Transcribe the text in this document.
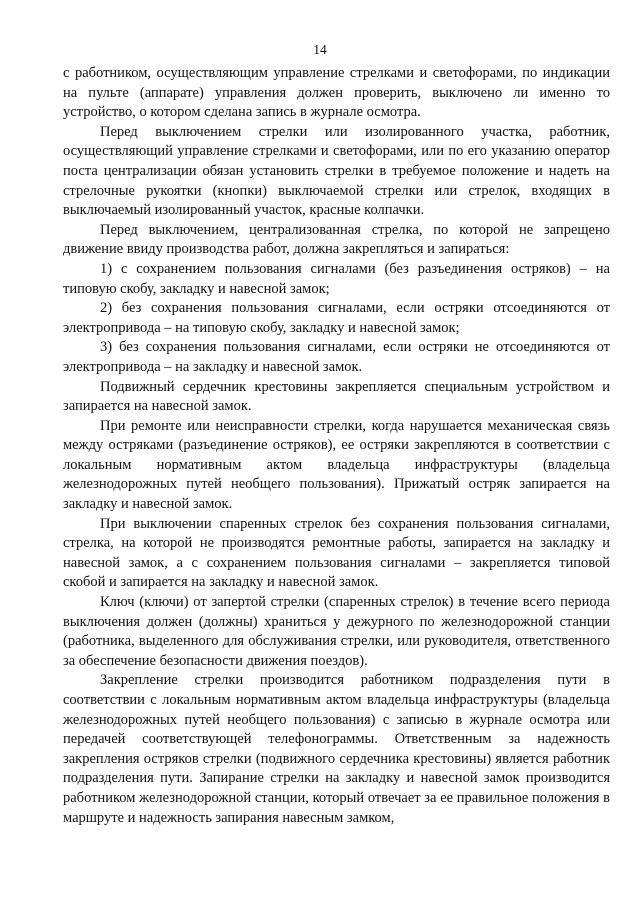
14

с работником, осуществляющим управление стрелками и светофорами, по индикации на пульте (аппарате) управления должен проверить, выключено ли именно то устройство, о котором сделана запись в журнале осмотра.

Перед выключением стрелки или изолированного участка, работник, осуществляющий управление стрелками и светофорами, или по его указанию оператор поста централизации обязан установить стрелки в требуемое положение и надеть на стрелочные рукоятки (кнопки) выключаемой стрелки или стрелок, входящих в выключаемый изолированный участок, красные колпачки.

Перед выключением, централизованная стрелка, по которой не запрещено движение ввиду производства работ, должна закрепляться и запираться:

1) с сохранением пользования сигналами (без разъединения остряков) – на типовую скобу, закладку и навесной замок;

2) без сохранения пользования сигналами, если остряки отсоединяются от электропривода – на типовую скобу, закладку и навесной замок;

3) без сохранения пользования сигналами, если остряки не отсоединяются от электропривода – на закладку и навесной замок.

Подвижный сердечник крестовины закрепляется специальным устройством и запирается на навесной замок.

При ремонте или неисправности стрелки, когда нарушается механическая связь между остряками (разъединение остряков), ее остряки закрепляются в соответствии с локальным нормативным актом владельца инфраструктуры (владельца железнодорожных путей необщего пользования). Прижатый остряк запирается на закладку и навесной замок.

При выключении спаренных стрелок без сохранения пользования сигналами, стрелка, на которой не производятся ремонтные работы, запирается на закладку и навесной замок, а с сохранением пользования сигналами – закрепляется типовой скобой и запирается на закладку и навесной замок.

Ключ (ключи) от запертой стрелки (спаренных стрелок) в течение всего периода выключения должен (должны) храниться у дежурного по железнодорожной станции (работника, выделенного для обслуживания стрелки, или руководителя, ответственного за обеспечение безопасности движения поездов).

Закрепление стрелки производится работником подразделения пути в соответствии с локальным нормативным актом владельца инфраструктуры (владельца железнодорожных путей необщего пользования) с записью в журнале осмотра или передачей соответствующей телефонограммы. Ответственным за надежность закрепления остряков стрелки (подвижного сердечника крестовины) является работник подразделения пути. Запирание стрелки на закладку и навесной замок производится работником железнодорожной станции, который отвечает за ее правильное положения в маршруте и надежность запирания навесным замком,
